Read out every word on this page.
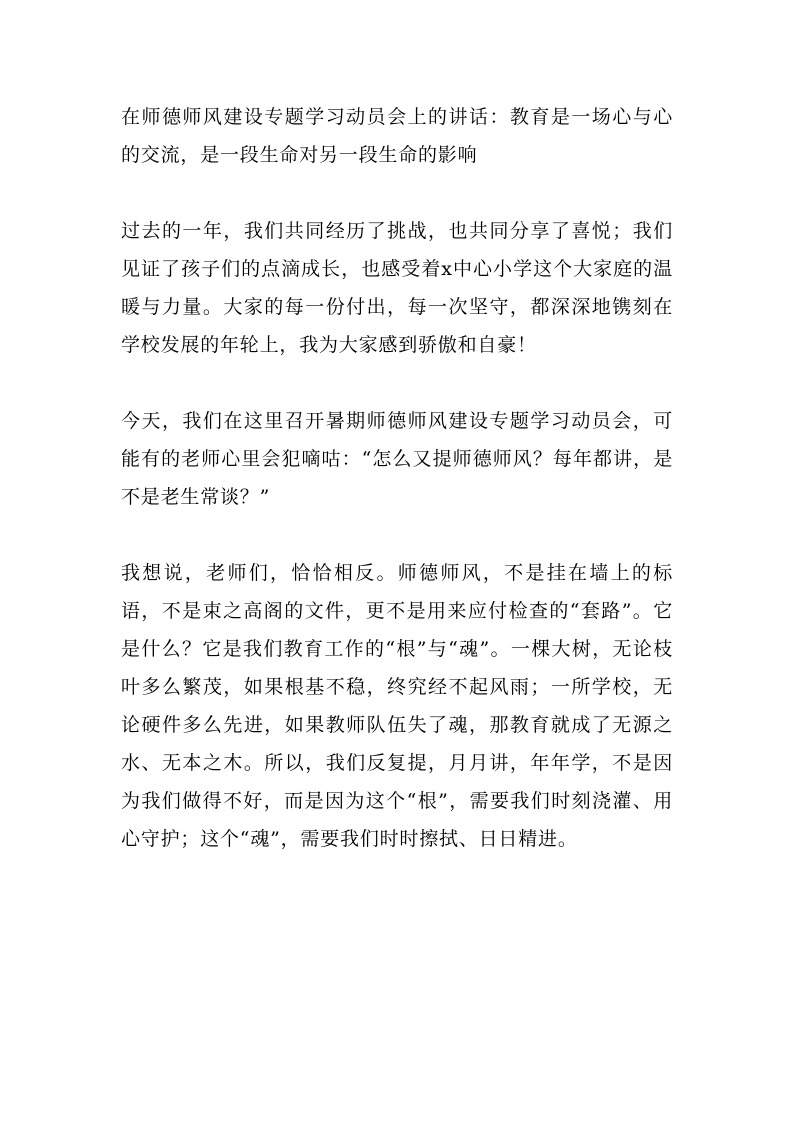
在师德师风建设专题学习动员会上的讲话：教育是一场心与心的交流，是一段生命对另一段生命的影响

过去的一年，我们共同经历了挑战，也共同分享了喜悦；我们见证了孩子们的点滴成长，也感受着x中心小学这个大家庭的温暖与力量。大家的每一份付出，每一次坚守，都深深地镌刻在学校发展的年轮上，我为大家感到骄傲和自豪！

今天，我们在这里召开暑期师德师风建设专题学习动员会，可能有的老师心里会犯嘀咕：“怎么又提师德师风？每年都讲，是不是老生常谈？”

我想说，老师们，恰恰相反。师德师风，不是挂在墙上的标语，不是束之高阁的文件，更不是用来应付检查的“套路”。它是什么？它是我们教育工作的“根”与“魂”。一棵大树，无论枝叶多么繁茂，如果根基不稳，终究经不起风雨；一所学校，无论硬件多么先进，如果教师队伍失了魂，那教育就成了无源之水、无本之木。所以，我们反复提，月月讲，年年学，不是因为我们做得不好，而是因为这个“根”，需要我们时刻浇灌、用心守护；这个“魂”，需要我们时时擦拭、日日精进。
